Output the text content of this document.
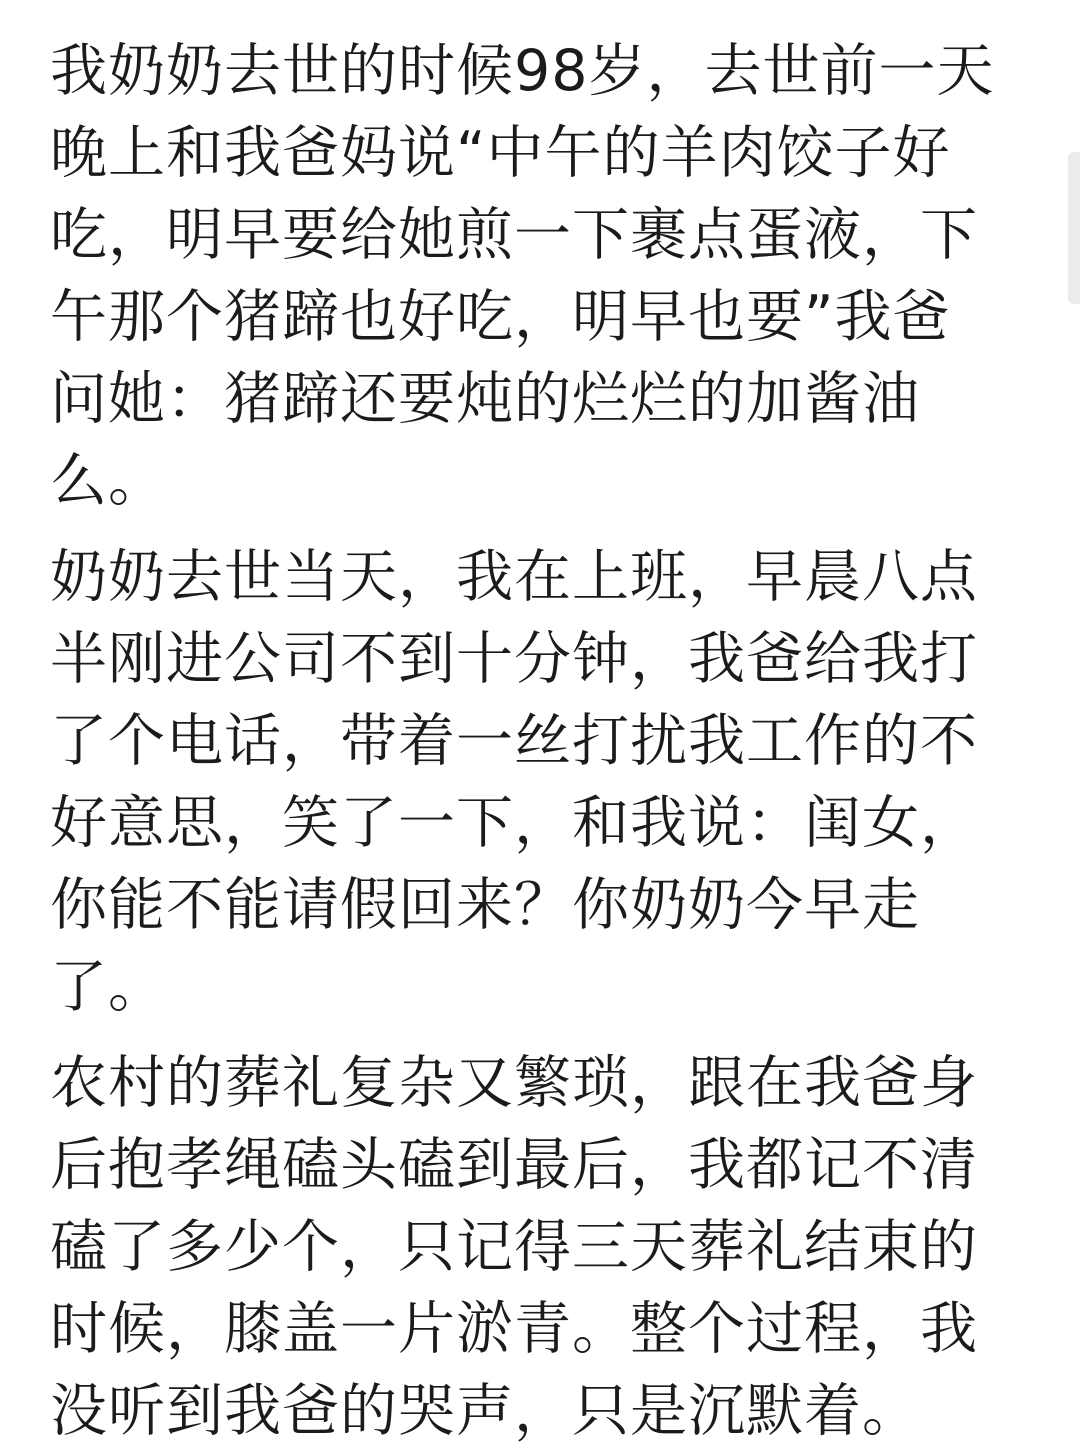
我奶奶去世的时候98岁，去世前一天
晚上和我爸妈说“中午的羊肉饺子好
吃，明早要给她煎一下裹点蛋液，下
午那个猪蹄也好吃，明早也要”我爸
问她：猪蹄还要炖的烂烂的加酱油
么。

奶奶去世当天，我在上班，早晨八点
半刚进公司不到十分钟，我爸给我打
了个电话，带着一丝打扰我工作的不
好意思，笑了一下，和我说：闺女，
你能不能请假回来？你奶奶今早走
了。

农村的葬礼复杂又繁琐，跟在我爸身
后抱孝绳磕头磕到最后，我都记不清
磕了多少个，只记得三天葬礼结束的
时候，膝盖一片淤青。整个过程，我
没听到我爸的哭声，只是沉默着。
